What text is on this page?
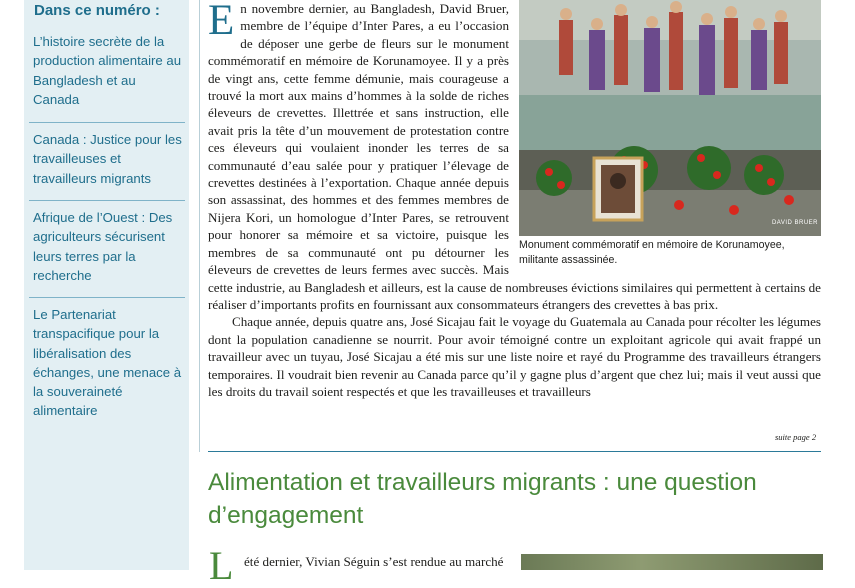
Dans ce numéro :
L’histoire secrète de la production alimentaire au Bangladesh et au Canada
Canada : Justice pour les travailleuses et travailleurs migrants
Afrique de l’Ouest : Des agriculteurs sécurisent leurs terres par la recherche
Le Partenariat transpacifique pour la libéralisation des échanges, une menace à la souveraineté alimentaire
DAVID BRUER
Monument commémoratif en mémoire de Korunamoyee, militante assassinée.

En novembre dernier, au Bangladesh, David Bruer, membre de l’équipe d’Inter Pares, a eu l’occasion de déposer une gerbe de fleurs sur le monument commémoratif en mémoire de Korunamoyee. Il y a près de vingt ans, cette femme démunie, mais courageuse a trouvé la mort aux mains d’hommes à la solde de riches éleveurs de crevettes. Illettrée et sans instruction, elle avait pris la tête d’un mouvement de protestation contre ces éleveurs qui voulaient inonder les terres de sa communauté d’eau salée pour y pratiquer l’élevage de crevettes destinées à l’exportation. Chaque année depuis son assassinat, des hommes et des femmes membres de Nijera Kori, un homologue d’Inter Pares, se retrouvent pour honorer sa mémoire et sa victoire, puisque les membres de sa communauté ont pu détourner les éleveurs de crevettes de leurs fermes avec succès. Mais cette industrie, au Bangladesh et ailleurs, est la cause de nombreuses évictions similaires qui permettent à certains de réaliser d’importants profits en fournissant aux consommateurs étrangers des crevettes à bas prix.

Chaque année, depuis quatre ans, José Sicajau fait le voyage du Guatemala au Canada pour récolter les légumes dont la population canadienne se nourrit. Pour avoir témoigné contre un exploitant agricole qui avait frappé un travailleur avec un tuyau, José Sicajau a été mis sur une liste noire et rayé du Programme des travailleurs étrangers temporaires. Il voudrait bien revenir au Canada parce qu’il y gagne plus d’argent que chez lui; mais il veut aussi que les droits du travail soient respectés et que les travailleuses et travailleurs

suite page 2
Alimentation et travailleurs migrants : une question d’engagement
L été dernier, Vivian Séguin s’est rendue au marché
